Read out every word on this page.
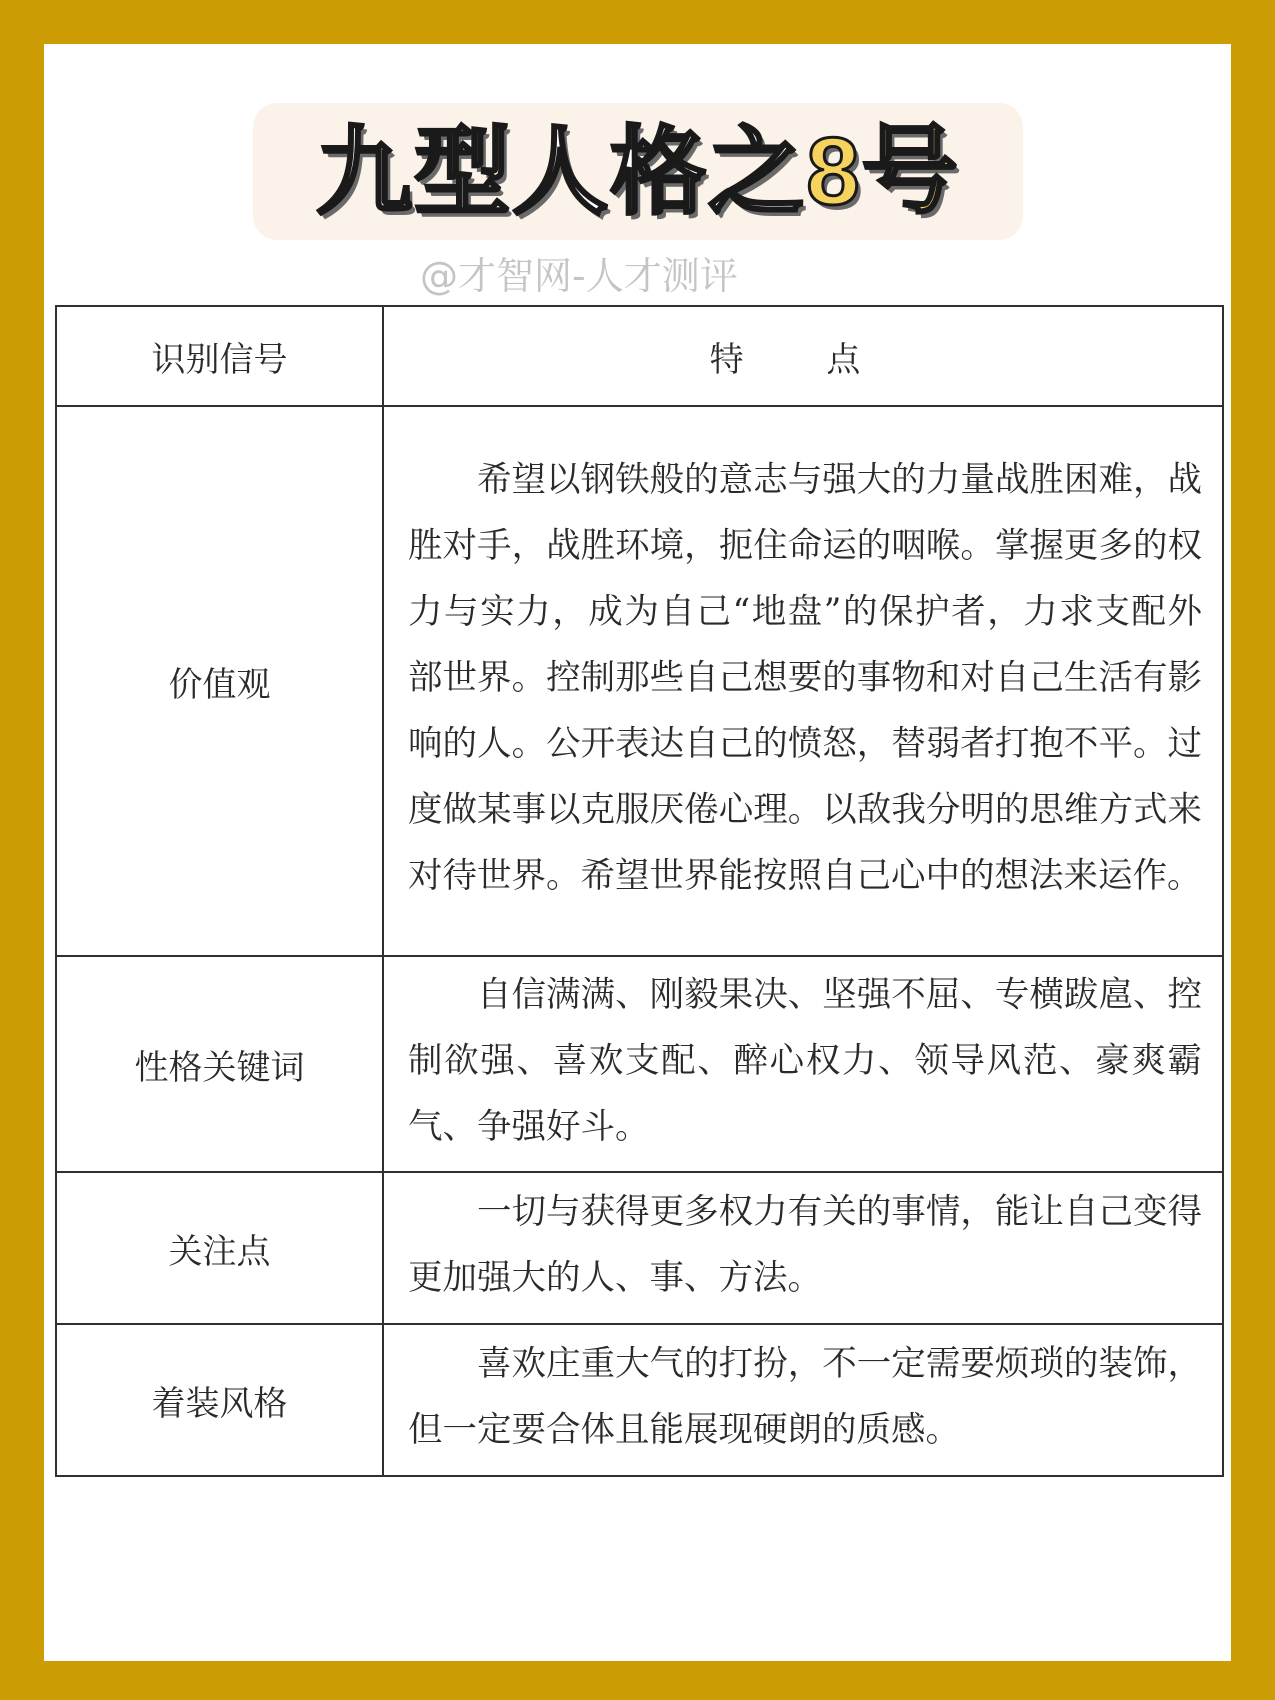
九型人格之 8号
@才智网-人才测评
识别信号	特 点
价值观	希望以钢铁般的意志与强大的力量战胜困难，战胜对手，战胜环境，扼住命运的咽喉。掌握更多的权力与实力，成为自己“地盘”的保护者，力求支配外部世界。控制那些自己想要的事物和对自己生活有影响的人。公开表达自己的愤怒，替弱者打抱不平。过度做某事以克服厌倦心理。以敌我分明的思维方式来对待世界。希望世界能按照自己心中的想法来运作。
性格关键词	自信满满、刚毅果决、坚强不屈、专横跋扈、控制欲强、喜欢支配、醉心权力、领导风范、豪爽霸气、争强好斗。
关注点	一切与获得更多权力有关的事情，能让自己变得更加强大的人、事、方法。
着装风格	喜欢庄重大气的打扮，不一定需要烦琐的装饰，但一定要合体且能展现硬朗的质感。
